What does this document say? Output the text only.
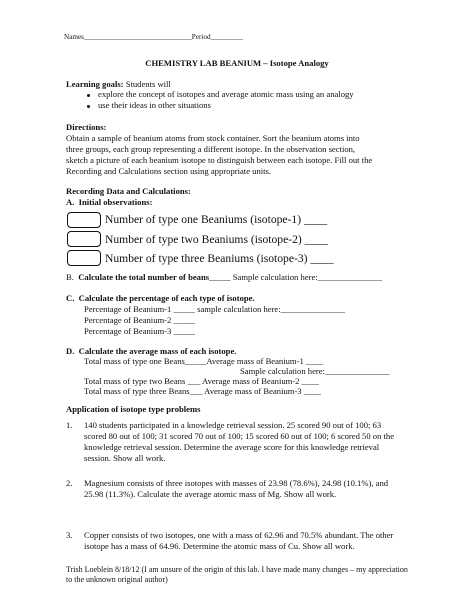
Names______________________________Period_________
CHEMISTRY LAB BEANIUM – Isotope Analogy
Learning goals: Students will
explore the concept of isotopes and average atomic mass using an analogy
use their ideas in other situations
Directions:
Obtain a sample of beanium atoms from stock container. Sort the beanium atoms into
three groups, each group representing a different isotope. In the observation section,
sketch a picture of each beanium isotope to distinguish between each isotope. Fill out the
Recording and Calculations section using appropriate units.
Recording Data and Calculations:
A. Initial observations:
Number of type one Beaniums (isotope-1) ____
Number of type two Beaniums (isotope-2) ____
Number of type three Beaniums (isotope-3) ____
B. Calculate the total number of beans_____ Sample calculation here:_______________
C. Calculate the percentage of each type of isotope.
Percentage of Beanium-1 _____ sample calculation here:_______________
Percentage of Beanium-2 _____
Percentage of Beanium-3 _____
D. Calculate the average mass of each isotope.
Total mass of type one Beans_____Average mass of Beanium-1 ____
Sample calculation here:_______________
Total mass of type two Beans ___ Average mass of Beanium-2 ____
Total mass of type three Beans___ Average mass of Beanium-3 ____
Application of isotope type problems
1. 140 students participated in a knowledge retrieval session. 25 scored 90 out of 100; 63
scored 80 out of 100; 31 scored 70 out of 100; 15 scored 60 out of 100; 6 scored 50 on the
knowledge retrieval session. Determine the average score for this knowledge retrieval
session. Show all work.
2. Magnesium consists of three isotopes with masses of 23.98 (78.6%), 24.98 (10.1%), and
25.98 (11.3%). Calculate the average atomic mass of Mg. Show all work.
3. Copper consists of two isotopes, one with a mass of 62.96 and 70.5% abundant. The other
isotope has a mass of 64.96. Determine the atomic mass of Cu. Show all work.
Trish Loeblein 8/18/12 (I am unsure of the origin of this lab. I have made many changes – my appreciation
to the unknown original author)
